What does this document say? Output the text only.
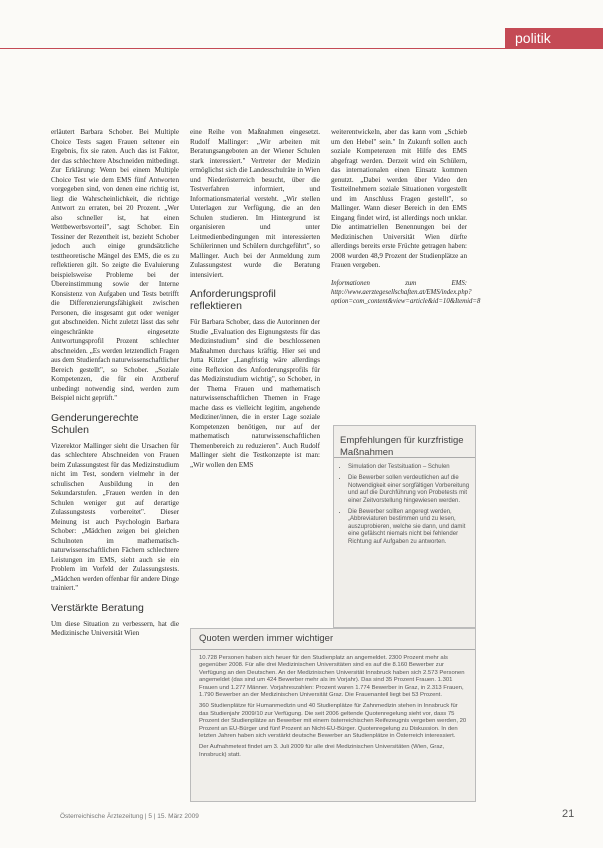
politik

erläutert Barbara Schober. Bei Multiple Choice Tests sagen Frauen seltener ein Ergebnis, fix sie raten. Auch das ist Faktor, der das schlechtere Abschneiden mitbedingt. Zur Erklärung: Wenn bei einem Multiple Choice Test wie dem EMS fünf Antworten vorgegeben sind, von denen eine richtig ist, liegt die Wahrscheinlichkeit, die richtige Antwort zu erraten, bei 20 Prozent. „Wer also schneller ist, hat einen Wettbewerbsvorteil", sagt Schober. Ein Tessiner der Rezentheit ist, bezieht Schober jedoch auch einige grundsätzliche testtheoretische Mängel des EMS, die es zu reflektieren gilt. So zeigte die Evaluierung beispielsweise Probleme bei der Übereinstimmung sowie der Interne Konsistenz von Aufgaben und Tests betrifft die Differenzierungsfähigkeit zwischen Personen, die insgesamt gut oder weniger gut abschneiden. Nicht zuletzt lässt das sehr eingeschränkte eingesetzte Antwortungsprofil Prozent schlechter abschneiden. „Es werden letztendlich Fragen aus dem Studienfach naturwissenschaftlicher Bereich gestellt", so Schober. „Soziale Kompetenzen, die für ein Arztberuf unbedingt notwendig sind, werden zum Beispiel nicht geprüft."

Genderungerechte Schulen

Vizerektor Mallinger sieht die Ursachen für das schlechtere Abschneiden von Frauen beim Zulassungstest für das Medizinstudium nicht im Test, sondern vielmehr in der schulischen Ausbildung in den Sekundarstufen. „Frauen werden in den Schulen weniger gut auf derartige Zulassungstests vorbereitet". Dieser Meinung ist auch Psychologin Barbara Schober: „Mädchen zeigen bei gleichen Schulnoten im mathematisch-naturwissenschaftlichen Fächern schlechtere Leistungen im EMS, sieht auch sie ein Problem im Vorfeld der Zulassungstests. „Mädchen werden offenbar für andere Dinge trainiert."

Verstärkte Beratung

Um diese Situation zu verbessern, hat die Medizinische Universität Wien

eine Reihe von Maßnahmen eingesetzt. Rudolf Mallinger: „Wir arbeiten mit Beratungsangeboten an der Wiener Schulen stark interessiert." Vertreter der Medizin ermöglichst sich die Landesschulräte in Wien und Niederösterreich besucht, über die Testverfahren informiert, und Informationsmaterial versteht. „Wir stellen Unterlagen zur Verfügung, die an den Schulen studieren. Im Hintergrund ist organisieren und unter Leitmedienbedingungen mit interessierten Schülerinnen und Schülern durchgeführt", so Mallinger. Auch bei der Anmeldung zum Zulassungstest wurde die Beratung intensiviert.

Anforderungsprofil reflektieren

Für Barbara Schober, dass die Autorinnen der Studie „Evaluation des Eignungstests für das Medizinstudium" sind die beschlossenen Maßnahmen durchaus kräftig. Hier sei und Jutta Kitzler „Langfristig wäre allerdings eine Reflexion des Anforderungsprofils für das Medizinstudium wichtig", so Schober, in der Thema Frauen und mathematisch naturwissenschaftlichen Themen in Frage mache dass es vielleicht legitim, angehende Mediziner/innen, die in erster Lage soziale Kompetenzen benötigen, nur auf der mathematisch naturwissenschaftlichen Themenbereich zu reduzieren". Auch Rudolf Mallinger sieht die Testkonzepte ist man: „Wir wollen den EMS

weiterentwickeln, aber das kann vom „Schieb um den Hebel" sein." In Zukunft sollen auch soziale Kompetenzen mit Hilfe des EMS abgefragt werden. Derzeit wird ein Schülern, das internationalen einen Einsatz kommen genutzt. „Dabei werden über Video den Testteilnehmern soziale Situationen vorgestellt und im Anschluss Fragen gestellt", so Mallinger. Wann dieser Bereich in den EMS Eingang findet wird, ist allerdings noch unklar. Die antimatriellen Benennungen bei der Medizinischen Universität Wien dürfte allerdings bereits erste Früchte getragen haben: 2008 wurden 48,9 Prozent der Studienplätze an Frauen vergeben.

Informationen zum EMS: http://www.aerztegesellschaften.at/EMS/index.php?option=com_content&view=article&id=10&Itemid=8

Empfehlungen für kurzfristige Maßnahmen
• Simulation der Testsituation – Schulen
• Die Bewerber sollen verdeutlichen auf die Notwendigkeit einer sorgfältigen Vorbereitung und auf die Durchführung von Probetests mit einer Zeitvorstellung hingewiesen werden.
• Die Bewerber sollten angeregt werden, „Abbreviaturen bestimmen und zu lesen, auszuprobieren, welche sie dann, und damit eine gefälscht niemals nicht bei fehlender Richtung auf Aufgaben zu antworten.
Quoten werden immer wichtiger

10.728 Personen haben sich heuer für den Studienplatz an angemeldet. 2300 Prozent mehr als gegenüber 2008. Für alle drei Medizinischen Universitäten sind es auf die 8.160 Bewerber zur Verfügung an den Deutschen. An der Medizinischen Universität Innsbruck haben sich 2.573 Personen angemeldet (das sind um 424 Bewerber mehr als im Vorjahr). Das sind 35 Prozent Frauen. 1.301 Frauen und 1.277 Männer. Vorjahreszahlen: Prozent waren 1.774 Bewerber in Graz, in 2.313 Frauen, 1.790 Bewerber an der Medizinischen Universität Graz. Die Frauenanteil liegt bei 53 Prozent.

360 Studienplätze für Humanmedizin und 40 Studienplätze für Zahnmedizin stehen in Innsbruck für das Studienjahr 2009/10 zur Verfügung. Die seit 2006 geltende Quotenregelung sieht vor, dass 75 Prozent der Studienplätze an Bewerber mit einem österreichischen Reifezeugnis vergeben werden, 20 Prozent an EU-Bürger und fünf Prozent an Nicht-EU-Bürger. Quotenregelung zu Diskussion. In den letzten Jahren haben sich verstärkt deutsche Bewerber an Studienplätze in Österreich interessiert.

Der Aufnahmetest findet am 3. Juli 2009 für alle drei Medizinischen Universitäten (Wien, Graz, Innsbruck) statt.

Österreichische Ärztezeitung | 5 | 15. März 2009	21
